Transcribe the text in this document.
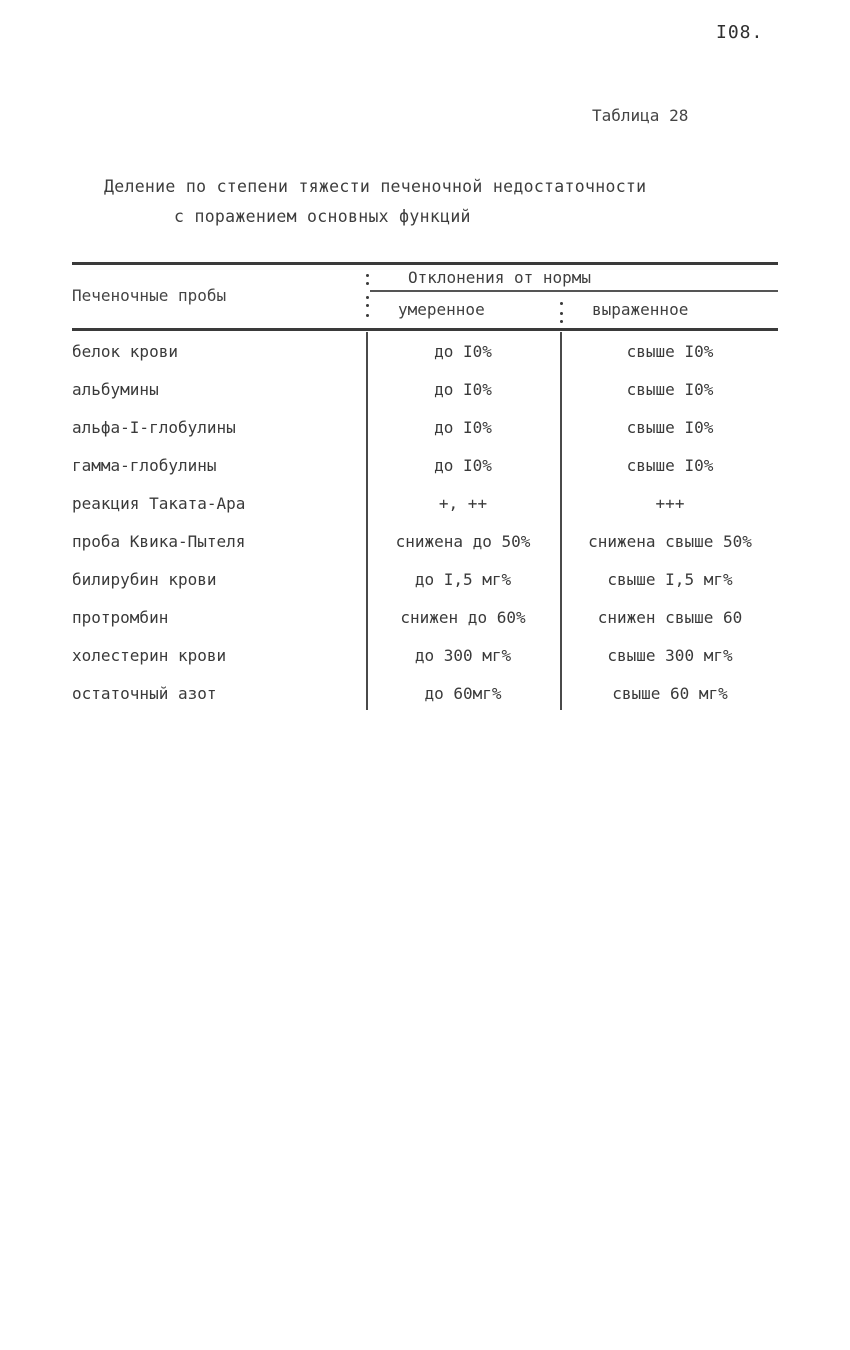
I08.
Таблица 28
Деление по степени тяжести печеночной недостаточности
с поражением основных функций
Печеночные пробы
Отклонения от нормы
умеренное	выраженное
белок крови	до I0%	свыше I0%
альбумины	до I0%	свыше I0%
альфа-I-глобулины	до I0%	свыше I0%
гамма-глобулины	до I0%	свыше I0%
реакция Таката-Ара	+, ++	+++
проба Квика-Пытеля	снижена до 50%	снижена свыше 50%
билирубин крови	до I,5 мг%	свыше I,5 мг%
протромбин	снижен до 60%	снижен свыше 60
холестерин крови	до 300 мг%	свыше 300 мг%
остаточный азот	до 60мг%	свыше 60 мг%
